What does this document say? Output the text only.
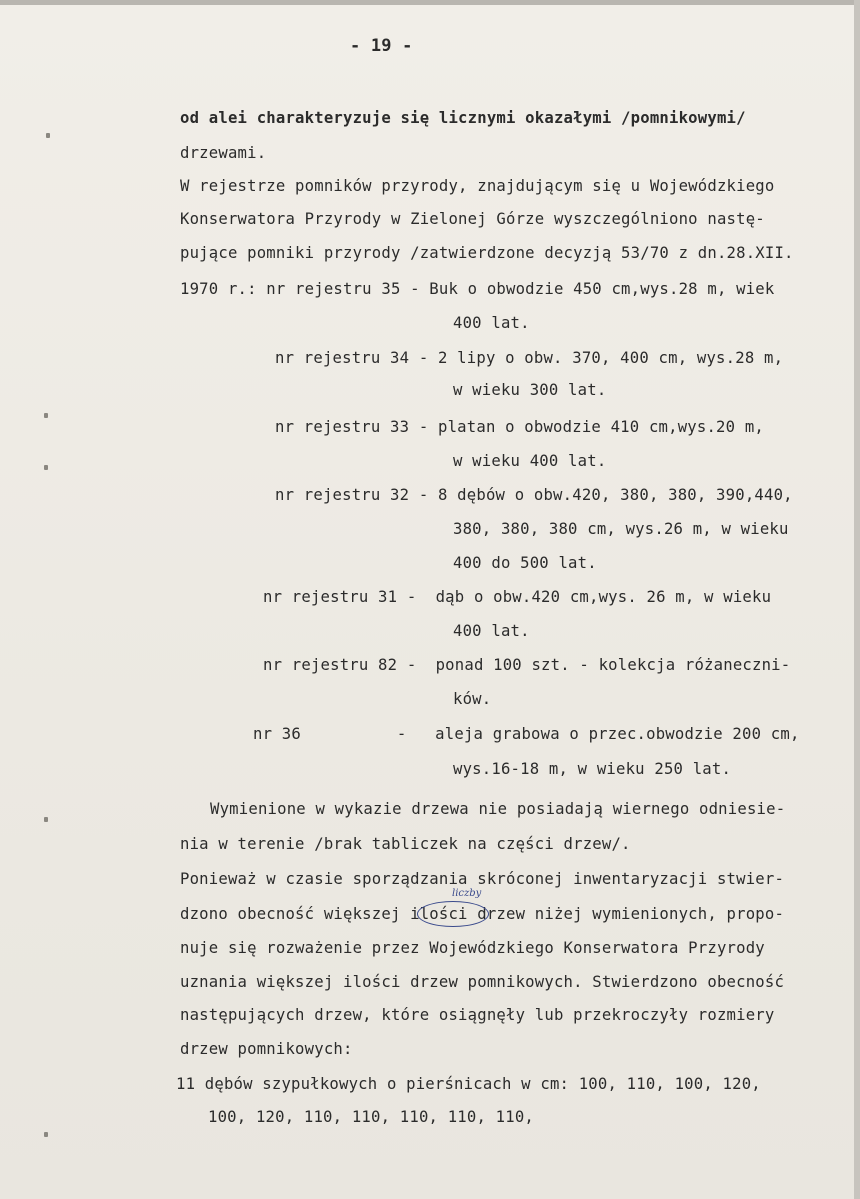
- 19 -
od alei charakteryzuje się licznymi okazałymi /pomnikowymi/
drzewami.
W rejestrze pomników przyrody, znajdującym się u Wojewódzkiego
Konserwatora Przyrody w Zielonej Górze wyszczególniono nastę-
pujące pomniki przyrody /zatwierdzone decyzją 53/70 z dn.28.XII.
1970 r.: nr rejestru 35 - Buk o obwodzie 450 cm,wys.28 m, wiek
400 lat.
nr rejestru 34 - 2 lipy o obw. 370, 400 cm, wys.28 m,
w wieku 300 lat.
nr rejestru 33 - platan o obwodzie 410 cm,wys.20 m,
w wieku 400 lat.
nr rejestru 32 - 8 dębów o obw.420, 380, 380, 390,440,
380, 380, 380 cm, wys.26 m, w wieku
400 do 500 lat.
nr rejestru 31 -  dąb o obw.420 cm,wys. 26 m, w wieku
400 lat.
nr rejestru 82 -  ponad 100 szt. - kolekcja różaneczni-
ków.
nr 36          -   aleja grabowa o przec.obwodzie 200 cm,
wys.16-18 m, w wieku 250 lat.
Wymienione w wykazie drzewa nie posiadają wiernego odniesie-
nia w terenie /brak tabliczek na części drzew/.
Ponieważ w czasie sporządzania skróconej inwentaryzacji stwier-
dzono obecność większej ilości drzew niżej wymienionych, propo-
nuje się rozważenie przez Wojewódzkiego Konserwatora Przyrody
uznania większej ilości drzew pomnikowych. Stwierdzono obecność
następujących drzew, które osiągnęły lub przekroczyły rozmiery
drzew pomnikowych:
11 dębów szypułkowych o pierśnicach w cm: 100, 110, 100, 120,
100, 120, 110, 110, 110, 110, 110,
liczby
